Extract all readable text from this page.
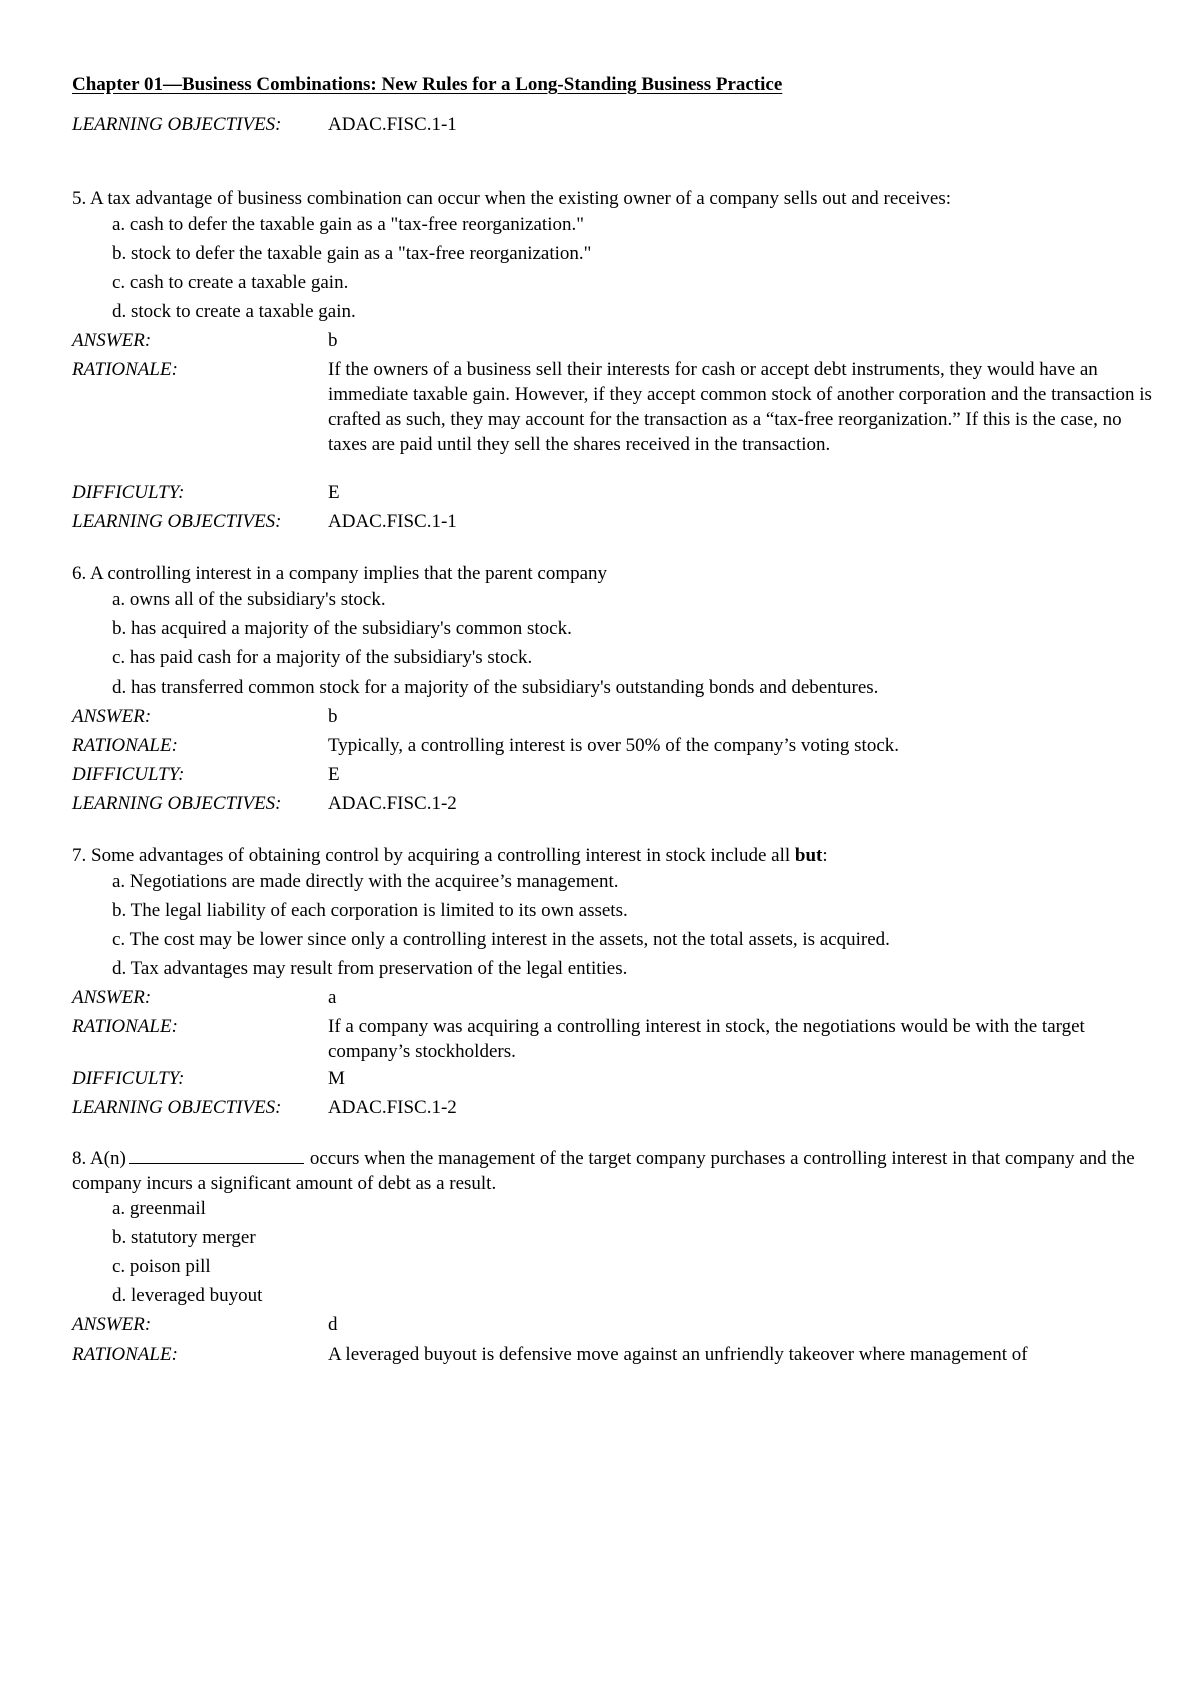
Chapter 01—Business Combinations: New Rules for a Long-Standing Business Practice
LEARNING OBJECTIVES: ADAC.FISC.1-1
5. A tax advantage of business combination can occur when the existing owner of a company sells out and receives:
a. cash to defer the taxable gain as a "tax-free reorganization."
b. stock to defer the taxable gain as a "tax-free reorganization."
c. cash to create a taxable gain.
d. stock to create a taxable gain.
ANSWER:	b
RATIONALE:	If the owners of a business sell their interests for cash or accept debt instruments, they would have an immediate taxable gain. However, if they accept common stock of another corporation and the transaction is crafted as such, they may account for the transaction as a “tax-free reorganization.” If this is the case, no taxes are paid until they sell the shares received in the transaction.
DIFFICULTY:	E
LEARNING OBJECTIVES: ADAC.FISC.1-1
6. A controlling interest in a company implies that the parent company
a. owns all of the subsidiary's stock.
b. has acquired a majority of the subsidiary's common stock.
c. has paid cash for a majority of the subsidiary's stock.
d. has transferred common stock for a majority of the subsidiary's outstanding bonds and debentures.
ANSWER:	b
RATIONALE:	Typically, a controlling interest is over 50% of the company’s voting stock.
DIFFICULTY:	E
LEARNING OBJECTIVES: ADAC.FISC.1-2
7. Some advantages of obtaining control by acquiring a controlling interest in stock include all but:
a. Negotiations are made directly with the acquiree’s management.
b. The legal liability of each corporation is limited to its own assets.
c. The cost may be lower since only a controlling interest in the assets, not the total assets, is acquired.
d. Tax advantages may result from preservation of the legal entities.
ANSWER:	a
RATIONALE:	If a company was acquiring a controlling interest in stock, the negotiations would be with the target company’s stockholders.
DIFFICULTY:	M
LEARNING OBJECTIVES: ADAC.FISC.1-2
8. A(n)	occurs when the management of the target company purchases a controlling interest in that company and the company incurs a significant amount of debt as a result.
a. greenmail
b. statutory merger
c. poison pill
d. leveraged buyout
ANSWER:	d
RATIONALE:	A leveraged buyout is defensive move against an unfriendly takeover where management of
